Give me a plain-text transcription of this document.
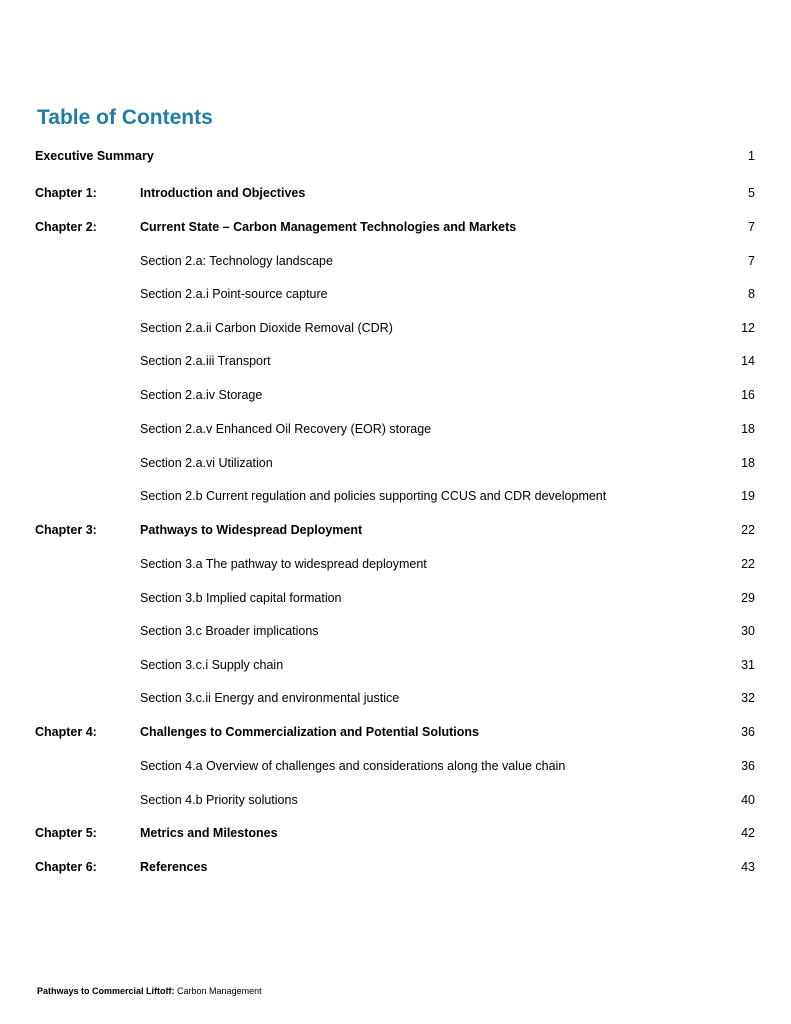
Table of Contents
Executive Summary	1
Chapter 1:	Introduction and Objectives	5
Chapter 2:	Current State – Carbon Management Technologies and Markets	7
Section 2.a: Technology landscape	7
Section 2.a.i Point-source capture	8
Section 2.a.ii Carbon Dioxide Removal (CDR)	12
Section 2.a.iii Transport	14
Section 2.a.iv Storage	16
Section 2.a.v Enhanced Oil Recovery (EOR) storage	18
Section 2.a.vi Utilization	18
Section 2.b Current regulation and policies supporting CCUS and CDR development	19
Chapter 3:	Pathways to Widespread Deployment	22
Section 3.a The pathway to widespread deployment	22
Section 3.b Implied capital formation	29
Section 3.c Broader implications	30
Section 3.c.i Supply chain	31
Section 3.c.ii Energy and environmental justice	32
Chapter 4:	Challenges to Commercialization and Potential Solutions	36
Section 4.a Overview of challenges and considerations along the value chain	36
Section 4.b Priority solutions	40
Chapter 5:	Metrics and Milestones	42
Chapter 6:	References	43
Pathways to Commercial Liftoff: Carbon Management
